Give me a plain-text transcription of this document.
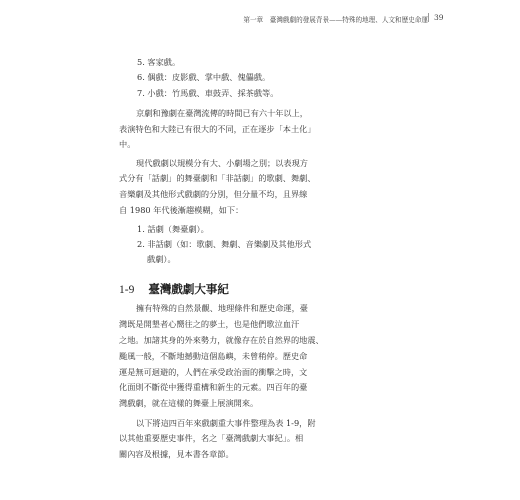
第一章　臺灣戲劇的發展背景——特殊的地理、人文和歷史命運 39
5. 客家戲。
6. 偶戲：皮影戲、掌中戲、傀儡戲。
7. 小戲：竹馬戲、車鼓弄、採茶戲等。
京劇和豫劇在臺灣流傳的時間已有六十年以上，
表演特色和大陸已有很大的不同，正在逐步「本土化」
中。
現代戲劇以規模分有大、小劇場之別；以表現方
式分有「話劇」的舞臺劇和「非話劇」的歌劇、舞劇、
音樂劇及其他形式戲劇的分別，但分量不均，且界線
自 1980 年代後漸趨模糊，如下：
1. 話劇（舞臺劇）。
2. 非話劇（如：歌劇、舞劇、音樂劇及其他形式
戲劇）。
1-9 臺灣戲劇大事紀
擁有特殊的自然景觀、地理條件和歷史命運，臺
灣既是開墾者心嚮往之的夢土，也是他們歌泣血汗
之地。加諸其身的外來勢力，就像存在於自然界的地震、
颱風一般，不斷地撼動這個島嶼，未曾稍停。歷史命
運是無可迴避的，人們在承受政治面的衝擊之時，文
化面則不斷從中獲得重構和新生的元素。四百年的臺
灣戲劇，就在這樣的舞臺上展演開來。
以下將這四百年來戲劇重大事件整理為表 1-9，附
以其他重要歷史事件，名之「臺灣戲劇大事紀」。相
關內容及根據，見本書各章節。
